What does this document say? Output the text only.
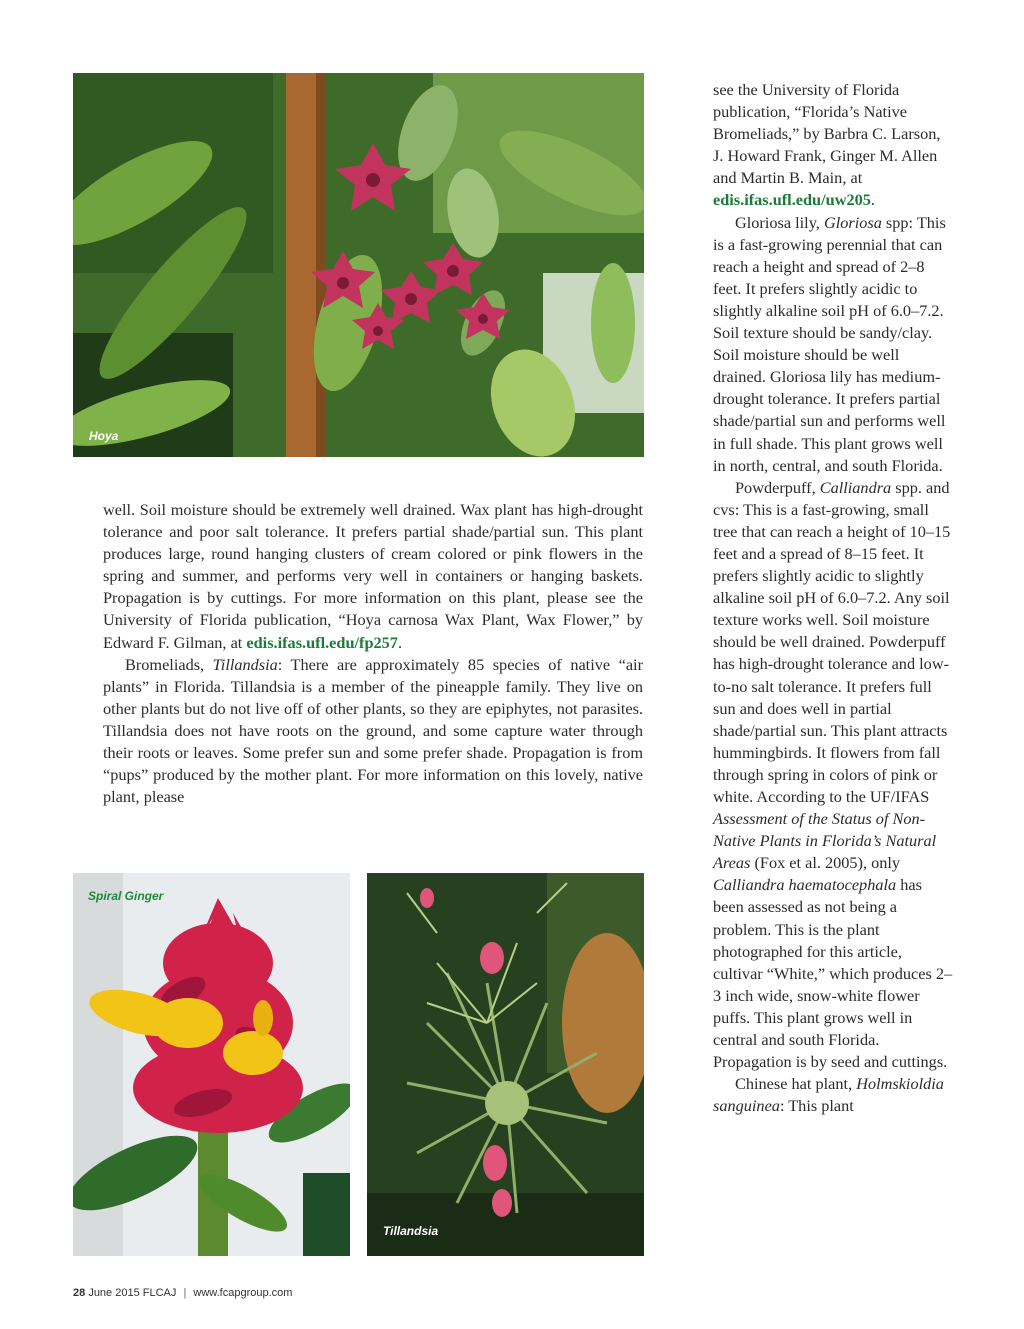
Hoya

well. Soil moisture should be extremely well drained. Wax plant has high-drought tolerance and poor salt tolerance. It prefers partial shade/partial sun. This plant produces large, round hanging clusters of cream colored or pink flowers in the spring and summer, and performs very well in containers or hanging baskets. Propagation is by cuttings. For more information on this plant, please see the University of Florida publication, “Hoya carnosa Wax Plant, Wax Flower,” by Edward F. Gilman, at edis.ifas.ufl.edu/fp257.

Bromeliads, Tillandsia: There are approximately 85 species of native “air plants” in Florida. Tillandsia is a member of the pineapple family. They live on other plants but do not live off of other plants, so they are epiphytes, not parasites. Tillandsia does not have roots on the ground, and some capture water through their roots or leaves. Some prefer sun and some prefer shade. Propagation is from “pups” produced by the mother plant. For more information on this lovely, native plant, please

Spiral Ginger
Tillandsia

see the University of Florida publication, “Florida’s Native Bromeliads,” by Barbra C. Larson, J. Howard Frank, Ginger M. Allen and Martin B. Main, at edis.ifas.ufl.edu/uw205.

Gloriosa lily, Gloriosa spp: This is a fast-growing perennial that can reach a height and spread of 2–8 feet. It prefers slightly acidic to slightly alkaline soil pH of 6.0–7.2. Soil texture should be sandy/clay. Soil moisture should be well drained. Gloriosa lily has medium-drought tolerance. It prefers partial shade/partial sun and performs well in full shade. This plant grows well in north, central, and south Florida.

Powderpuff, Calliandra spp. and cvs: This is a fast-growing, small tree that can reach a height of 10–15 feet and a spread of 8–15 feet. It prefers slightly acidic to slightly alkaline soil pH of 6.0–7.2. Any soil texture works well. Soil moisture should be well drained. Powderpuff has high-drought tolerance and low-to-no salt tolerance. It prefers full sun and does well in partial shade/partial sun. This plant attracts hummingbirds. It flowers from fall through spring in colors of pink or white. According to the UF/IFAS Assessment of the Status of Non-Native Plants in Florida’s Natural Areas (Fox et al. 2005), only Calliandra haematocephala has been assessed as not being a problem. This is the plant photographed for this article, cultivar “White,” which produces 2–3 inch wide, snow-white flower puffs. This plant grows well in central and south Florida. Propagation is by seed and cuttings.

Chinese hat plant, Holmskioldia sanguinea: This plant

28 June 2015 FLCAJ | www.fcapgroup.com
